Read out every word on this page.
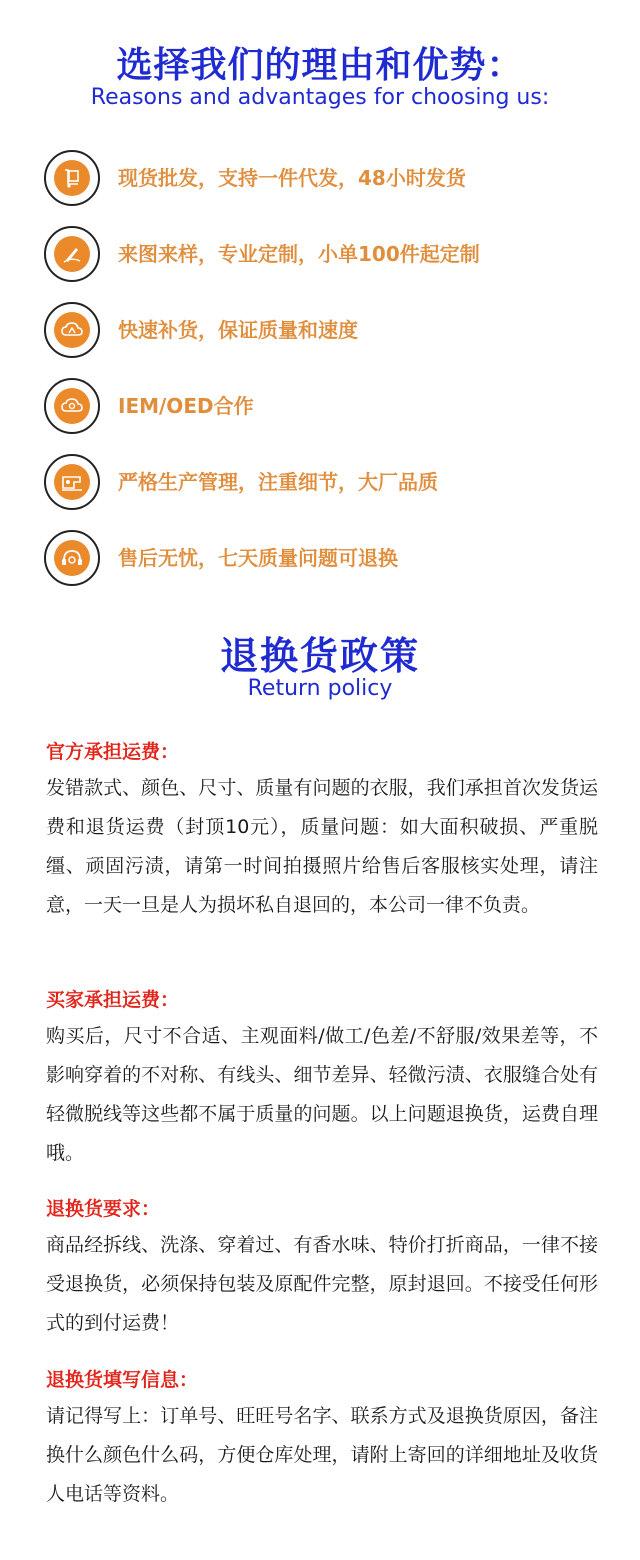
选择我们的理由和优势：
Reasons and advantages for choosing us:
现货批发，支持一件代发，48小时发货
来图来样，专业定制，小单100件起定制
快速补货，保证质量和速度
IEM/OED合作
严格生产管理，注重细节，大厂品质
售后无忧，七天质量问题可退换
退换货政策
Return policy

官方承担运费：

发错款式、颜色、尺寸、质量有问题的衣服，我们承担首次发货运费和退货运费（封顶10元），质量问题：如大面积破损、严重脱缰、顽固污渍，请第一时间拍摄照片给售后客服核实处理，请注意，一天一旦是人为损坏私自退回的，本公司一律不负责。

买家承担运费：

购买后，尺寸不合适、主观面料/做工/色差/不舒服/效果差等，不影响穿着的不对称、有线头、细节差异、轻微污渍、衣服缝合处有轻微脱线等这些都不属于质量的问题。以上问题退换货，运费自理哦。

退换货要求：

商品经拆线、洗涤、穿着过、有香水味、特价打折商品，一律不接受退换货，必须保持包装及原配件完整，原封退回。不接受任何形式的到付运费！

退换货填写信息：

请记得写上：订单号、旺旺号名字、联系方式及退换货原因，备注换什么颜色什么码，方便仓库处理，请附上寄回的详细地址及收货人电话等资料。
